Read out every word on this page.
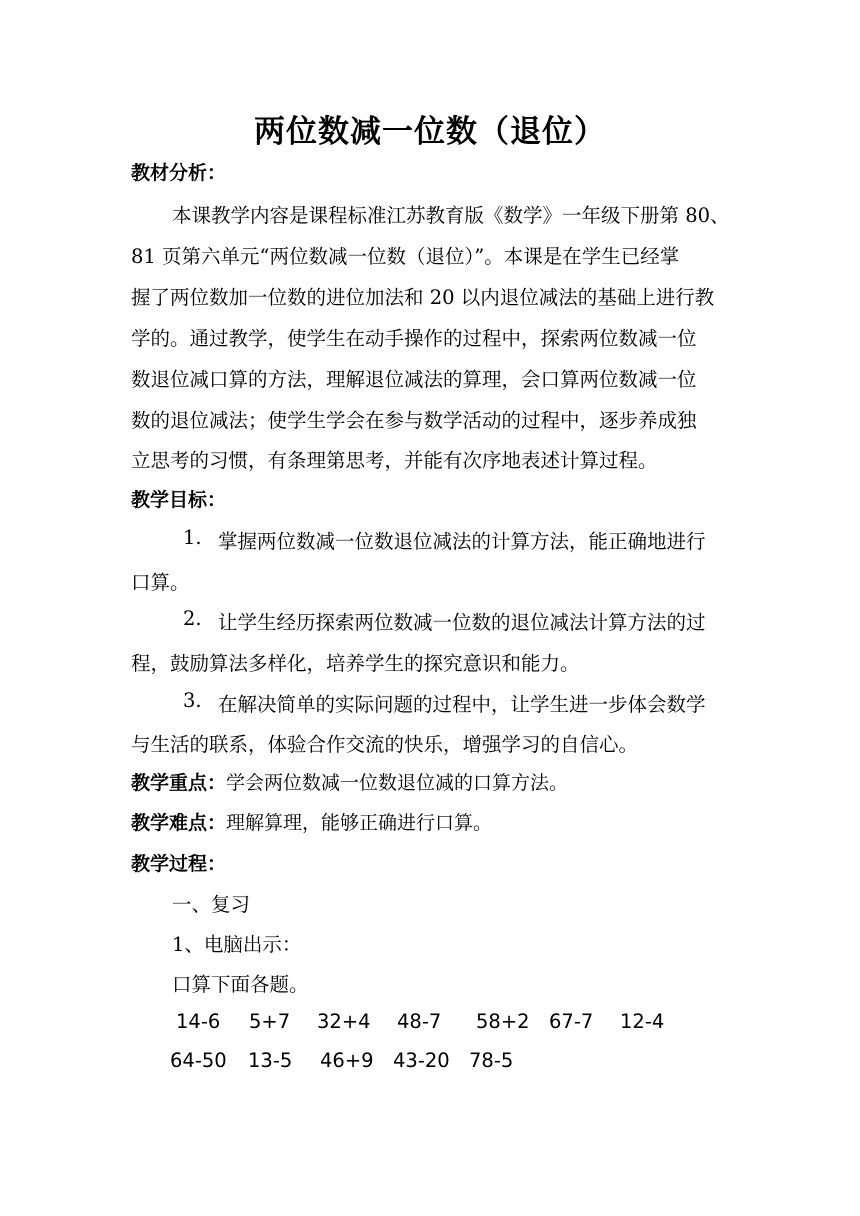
两位数减一位数（退位）
教材分析：
本课教学内容是课程标准江苏教育版《数学》一年级下册第 80、
81 页第六单元“两位数减一位数（退位）”。本课是在学生已经掌
握了两位数加一位数的进位加法和 20 以内退位减法的基础上进行教
学的。通过教学，使学生在动手操作的过程中，探索两位数减一位
数退位减口算的方法，理解退位减法的算理，会口算两位数减一位
数的退位减法；使学生学会在参与数学活动的过程中，逐步养成独
立思考的习惯，有条理第思考，并能有次序地表述计算过程。
教学目标：
1. 掌握两位数减一位数退位减法的计算方法，能正确地进行
口算。
2. 让学生经历探索两位数减一位数的退位减法计算方法的过
程，鼓励算法多样化，培养学生的探究意识和能力。
3. 在解决简单的实际问题的过程中，让学生进一步体会数学
与生活的联系，体验合作交流的快乐，增强学习的自信心。
教学重点：学会两位数减一位数退位减的口算方法。
教学难点：理解算理，能够正确进行口算。
教学过程：
一、复习
1、电脑出示：
口算下面各题。
14-6 5+7 32+4 48-7 58+2 67-7 12-4
64-50 13-5 46+9 43-20 78-5
